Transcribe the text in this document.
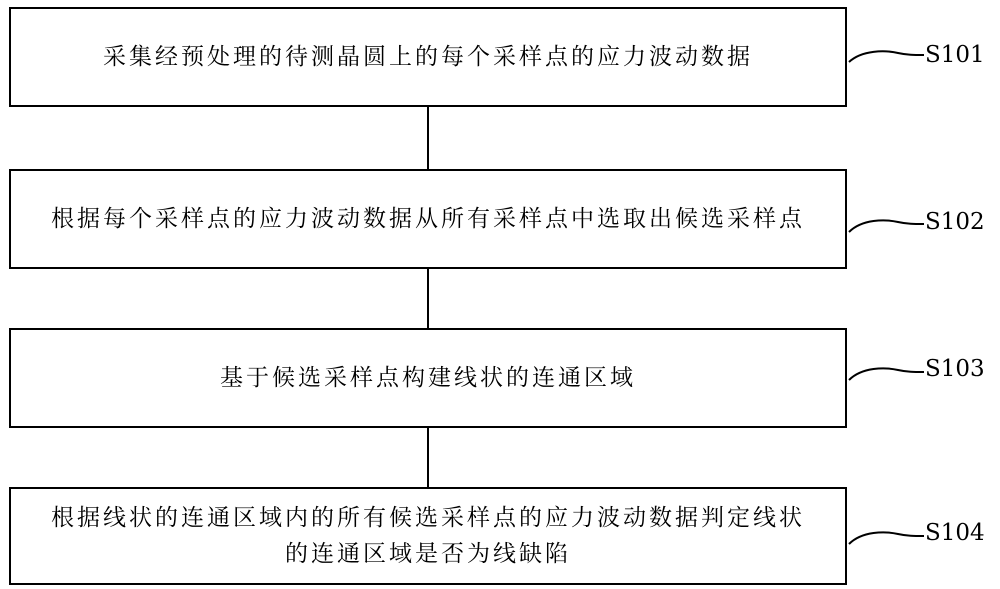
采集经预处理的待测晶圆上的每个采样点的应力波动数据
根据每个采样点的应力波动数据从所有采样点中选取出候选采样点
基于候选采样点构建线状的连通区域
根据线状的连通区域内的所有候选采样点的应力波动数据判定线状的连通区域是否为线缺陷
S101
S102
S103
S104
